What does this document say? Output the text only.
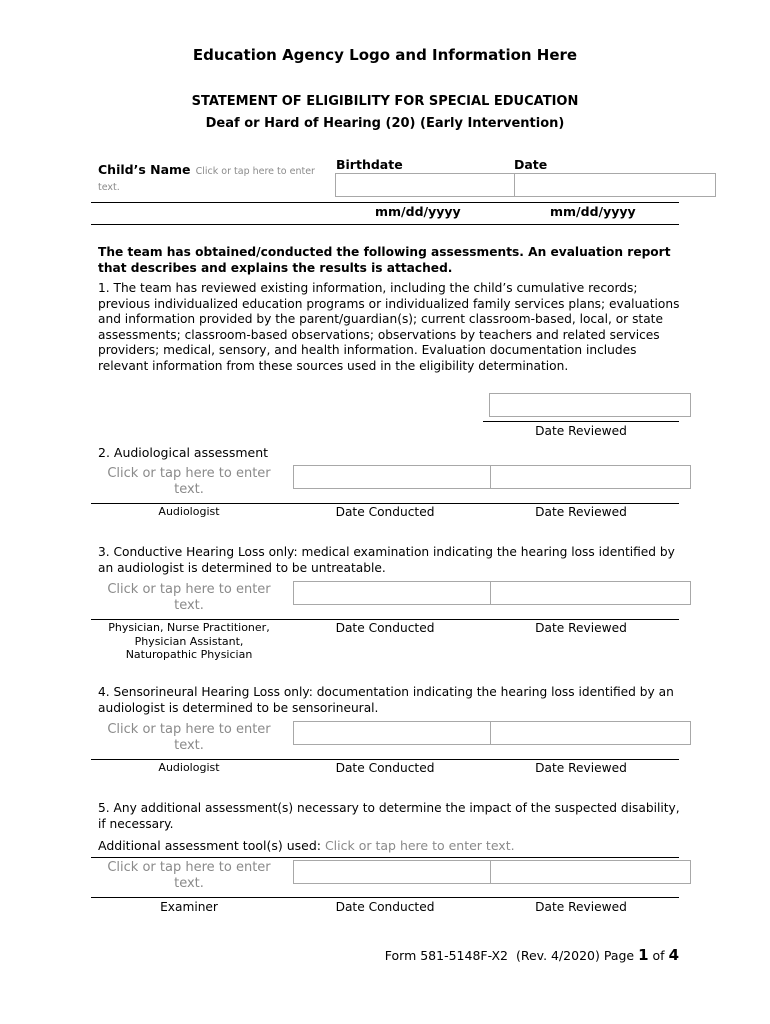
Education Agency Logo and Information Here
STATEMENT OF ELIGIBILITY FOR SPECIAL EDUCATION
Deaf or Hard of Hearing (20) (Early Intervention)
Child’s Name Click or tap here to enter text.
Birthdate	Date
mm/dd/yyyy	mm/dd/yyyy
The team has obtained/conducted the following assessments. An evaluation report that describes and explains the results is attached.
1. The team has reviewed existing information, including the child’s cumulative records; previous individualized education programs or individualized family services plans; evaluations and information provided by the parent/guardian(s); current classroom-based, local, or state assessments; classroom-based observations; observations by teachers and related services providers; medical, sensory, and health information. Evaluation documentation includes relevant information from these sources used in the eligibility determination.
Date Reviewed
2. Audiological assessment
Click or tap here to enter text.
Audiologist	Date Conducted	Date Reviewed
3. Conductive Hearing Loss only: medical examination indicating the hearing loss identified by an audiologist is determined to be untreatable.
Click or tap here to enter text.
Physician, Nurse Practitioner,
Physician Assistant,
Naturopathic Physician
Date Conducted	Date Reviewed
4. Sensorineural Hearing Loss only: documentation indicating the hearing loss identified by an audiologist is determined to be sensorineural.
Click or tap here to enter text.
Audiologist	Date Conducted	Date Reviewed
5. Any additional assessment(s) necessary to determine the impact of the suspected disability, if necessary.
Additional assessment tool(s) used: Click or tap here to enter text.
Click or tap here to enter text.
Examiner	Date Conducted	Date Reviewed
Form 581-5148F-X2  (Rev. 4/2020) Page 1 of 4
